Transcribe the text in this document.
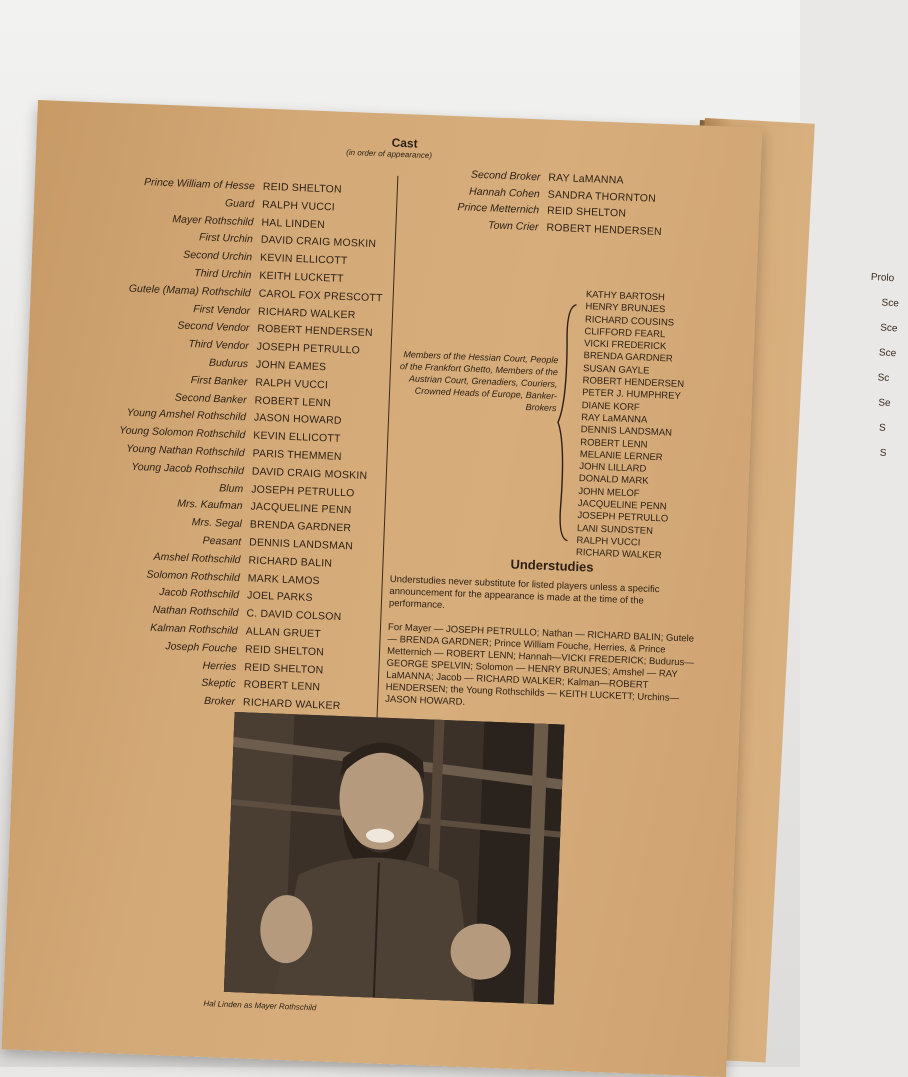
Prolo
Sce
Sce
Sce
Sc
Se
S
S
Cast
(in order of appearance)
Prince William of Hesse REID SHELTON
Guard RALPH VUCCI
Mayer Rothschild HAL LINDEN
First Urchin DAVID CRAIG MOSKIN
Second Urchin KEVIN ELLICOTT
Third Urchin KEITH LUCKETT
Gutele (Mama) Rothschild CAROL FOX PRESCOTT
First Vendor RICHARD WALKER
Second Vendor ROBERT HENDERSEN
Third Vendor JOSEPH PETRULLO
Budurus JOHN EAMES
First Banker RALPH VUCCI
Second Banker ROBERT LENN
Young Amshel Rothschild JASON HOWARD
Young Solomon Rothschild KEVIN ELLICOTT
Young Nathan Rothschild PARIS THEMMEN
Young Jacob Rothschild DAVID CRAIG MOSKIN
Blum JOSEPH PETRULLO
Mrs. Kaufman JACQUELINE PENN
Mrs. Segal BRENDA GARDNER
Peasant DENNIS LANDSMAN
Amshel Rothschild RICHARD BALIN
Solomon Rothschild MARK LAMOS
Jacob Rothschild JOEL PARKS
Nathan Rothschild C. DAVID COLSON
Kalman Rothschild ALLAN GRUET
Joseph Fouche REID SHELTON
Herries REID SHELTON
Skeptic ROBERT LENN
Broker RICHARD WALKER
Second Broker RAY LaMANNA
Hannah Cohen SANDRA THORNTON
Prince Metternich REID SHELTON
Town Crier ROBERT HENDERSEN
Members of the Hessian Court, People of the Frankfort Ghetto, Members of the Austrian Court, Grenadiers, Couriers, Crowned Heads of Europe, Banker-Brokers
KATHY BARTOSH
HENRY BRUNJES
RICHARD COUSINS
CLIFFORD FEARL
VICKI FREDERICK
BRENDA GARDNER
SUSAN GAYLE
ROBERT HENDERSEN
PETER J. HUMPHREY
DIANE KORF
RAY LaMANNA
DENNIS LANDSMAN
ROBERT LENN
MELANIE LERNER
JOHN LILLARD
DONALD MARK
JOHN MELOF
JACQUELINE PENN
JOSEPH PETRULLO
LANI SUNDSTEN
RALPH VUCCI
RICHARD WALKER
Understudies
Understudies never substitute for listed players unless a specific announcement for the appearance is made at the time of the performance.
For Mayer — JOSEPH PETRULLO; Nathan — RICHARD BALIN; Gutele — BRENDA GARDNER; Prince William Fouche, Herries, & Prince Metternich — ROBERT LENN; Hannah—VICKI FREDERICK; Budurus—GEORGE SPELVIN; Solomon — HENRY BRUNJES; Amshel — RAY LaMANNA; Jacob — RICHARD WALKER; Kalman—ROBERT HENDERSEN; the Young Rothschilds — KEITH LUCKETT; Urchins—JASON HOWARD.
Hal Linden as Mayer Rothschild
